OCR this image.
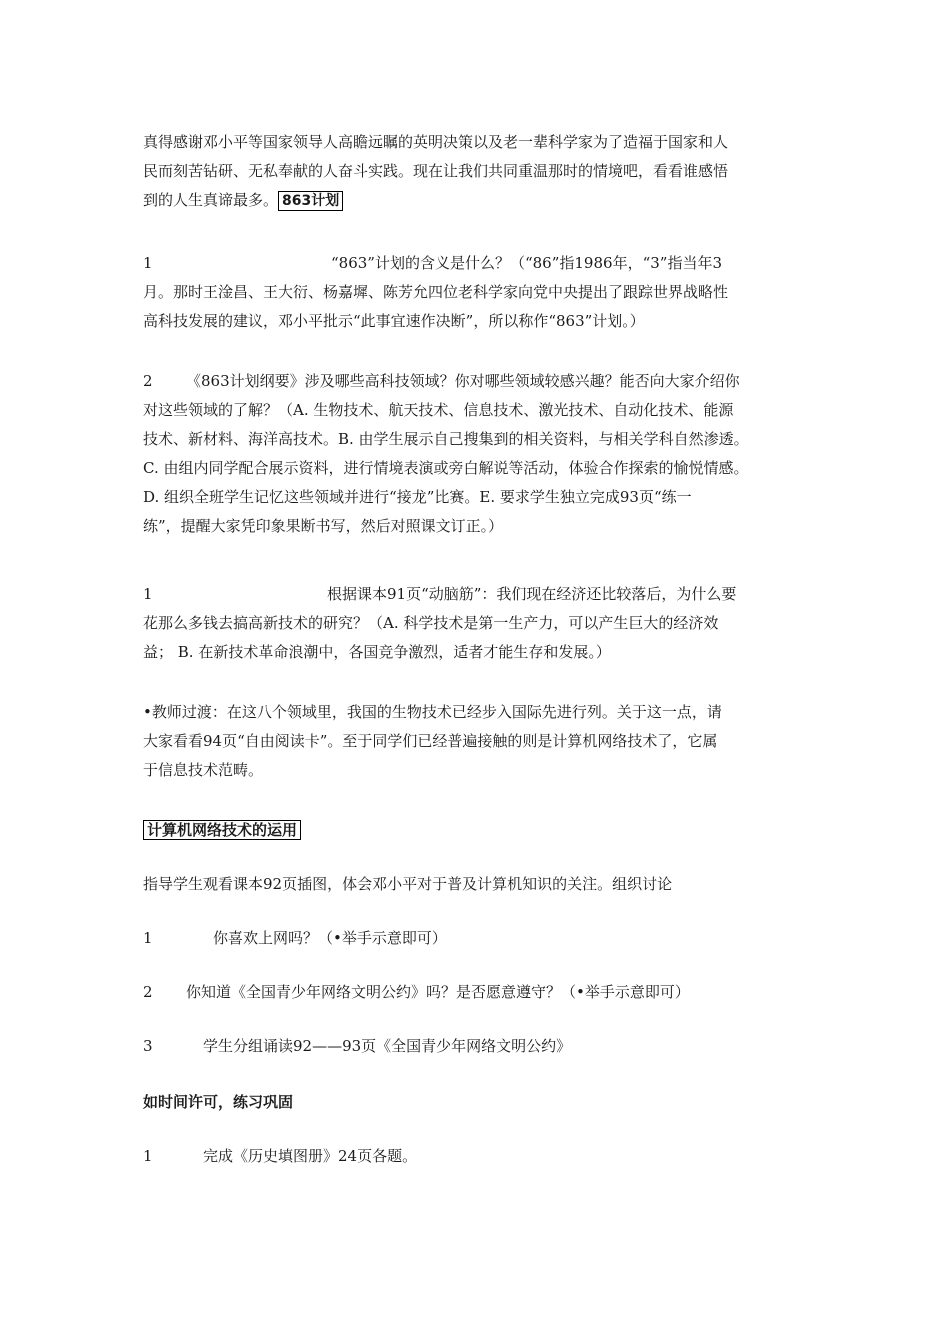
真得感谢邓小平等国家领导人高瞻远瞩的英明决策以及老一辈科学家为了造福于国家和人
民而刻苦钻研、无私奉献的人奋斗实践。现在让我们共同重温那时的情境吧，看看谁感悟
到的人生真谛最多。 863计划
1	“863”计划的含义是什么？（“86”指1986年，“3”指当年3
月。那时王淦昌、王大衍、杨嘉墀、陈芳允四位老科学家向党中央提出了跟踪世界战略性
高科技发展的建议，邓小平批示“此事宜速作决断”，所以称作“863”计划。）
2 《863计划纲要》涉及哪些高科技领域？你对哪些领域较感兴趣？能否向大家介绍你
对这些领域的了解？（A. 生物技术、航天技术、信息技术、激光技术、自动化技术、能源
技术、新材料、海洋高技术。B. 由学生展示自己搜集到的相关资料，与相关学科自然渗透。
C. 由组内同学配合展示资料，进行情境表演或旁白解说等活动，体验合作探索的愉悦情感。
D. 组织全班学生记忆这些领域并进行“接龙”比赛。E. 要求学生独立完成93页“练一
练”，提醒大家凭印象果断书写，然后对照课文订正。）
1	根据课本91页“动脑筋”：我们现在经济还比较落后，为什么要
花那么多钱去搞高新技术的研究？（A. 科学技术是第一生产力，可以产生巨大的经济效
益； B. 在新技术革命浪潮中，各国竞争激烈，适者才能生存和发展。）
•教师过渡：在这八个领域里，我国的生物技术已经步入国际先进行列。关于这一点，请
大家看看94页“自由阅读卡”。至于同学们已经普遍接触的则是计算机网络技术了，它属
于信息技术范畴。
计算机网络技术的运用
指导学生观看课本92页插图，体会邓小平对于普及计算机知识的关注。组织讨论
1	你喜欢上网吗？（•举手示意即可）
2 你知道《全国青少年网络文明公约》吗？是否愿意遵守？（•举手示意即可）
3	学生分组诵读92——93页《全国青少年网络文明公约》
如时间许可，练习巩固
1	完成《历史填图册》24页各题。
